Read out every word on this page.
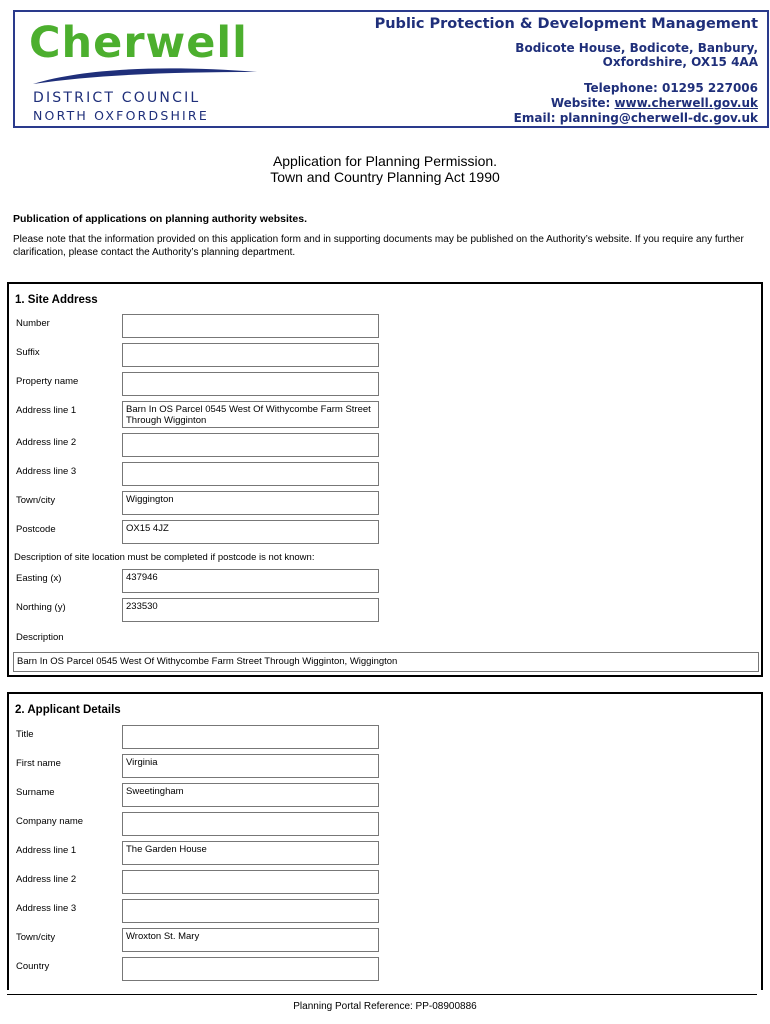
Cherwell
DISTRICT COUNCIL
NORTH OXFORDSHIRE
Public Protection & Development Management
Bodicote House, Bodicote, Banbury,
Oxfordshire, OX15 4AA
Telephone: 01295 227006
Website: www.cherwell.gov.uk
Email: planning@cherwell-dc.gov.uk
Application for Planning Permission.
Town and Country Planning Act 1990
Publication of applications on planning authority websites.
Please note that the information provided on this application form and in supporting documents may be published on the Authority’s website. If you require any further clarification, please contact the Authority’s planning department.
1. Site Address
Number
Suffix
Property name
Address line 1	Barn In OS Parcel 0545 West Of Withycombe Farm Street Through Wigginton
Address line 2
Address line 3
Town/city	Wiggington
Postcode	OX15 4JZ
Description of site location must be completed if postcode is not known:
Easting (x)	437946
Northing (y)	233530
Description
Barn In OS Parcel 0545 West Of Withycombe Farm Street Through Wigginton, Wiggington
2. Applicant Details
Title
First name	Virginia
Surname	Sweetingham
Company name
Address line 1	The Garden House
Address line 2
Address line 3
Town/city	Wroxton St. Mary
Country
Planning Portal Reference: PP-08900886
